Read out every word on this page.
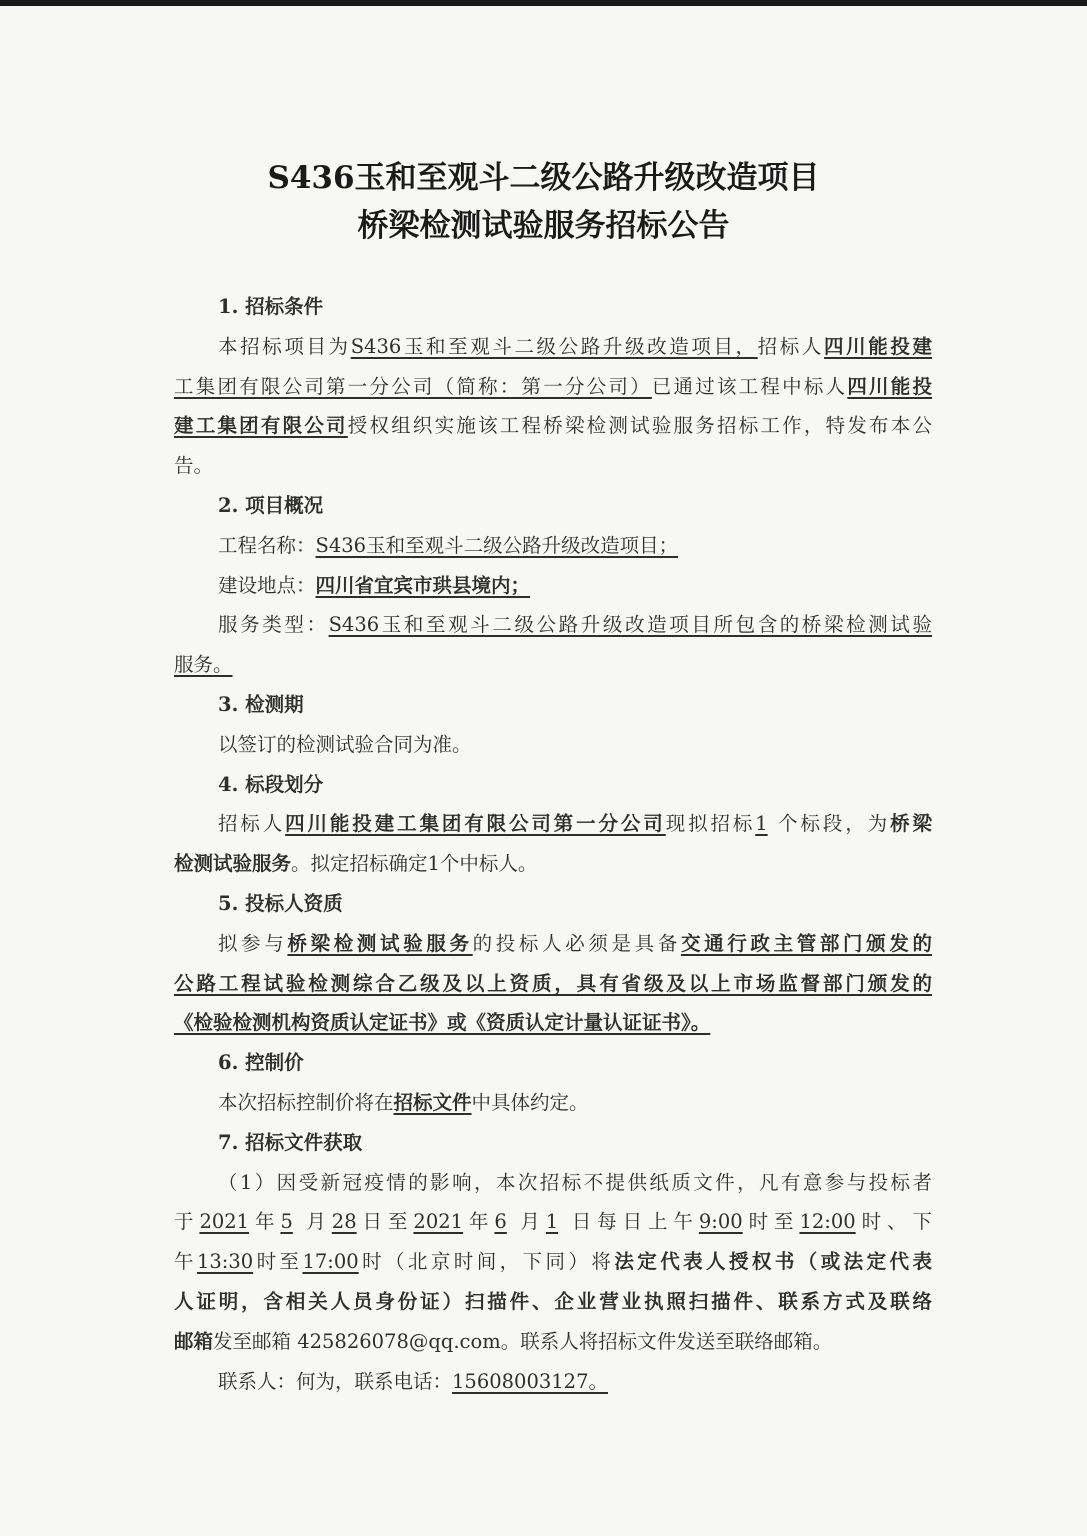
S436玉和至观斗二级公路升级改造项目
桥梁检测试验服务招标公告
1. 招标条件
本招标项目为S436玉和至观斗二级公路升级改造项目，招标人四川能投建
工集团有限公司第一分公司（简称：第一分公司）已通过该工程中标人四川能投
建工集团有限公司授权组织实施该工程桥梁检测试验服务招标工作，特发布本公
告。
2. 项目概况
工程名称：S436玉和至观斗二级公路升级改造项目；
建设地点：四川省宜宾市珙县境内；
服务类型：S436玉和至观斗二级公路升级改造项目所包含的桥梁检测试验
服务。
3. 检测期
以签订的检测试验合同为准。
4. 标段划分
招标人四川能投建工集团有限公司第一分公司现拟招标1 个标段，为桥梁
检测试验服务。拟定招标确定1个中标人。
5. 投标人资质
拟参与桥梁检测试验服务的投标人必须是具备交通行政主管部门颁发的
公路工程试验检测综合乙级及以上资质，具有省级及以上市场监督部门颁发的
《检验检测机构资质认定证书》或《资质认定计量认证证书》。
6. 控制价
本次招标控制价将在招标文件中具体约定。
7. 招标文件获取
（1）因受新冠疫情的影响，本次招标不提供纸质文件，凡有意参与投标者
于2021年5 月28日至2021年6 月1 日每日上午9:00时至12:00时、下
午13:30时至17:00时（北京时间，下同）将法定代表人授权书（或法定代表
人证明，含相关人员身份证）扫描件、企业营业执照扫描件、联系方式及联络
邮箱发至邮箱 425826078@qq.com。联系人将招标文件发送至联络邮箱。
联系人：何为，联系电话：15608003127。
